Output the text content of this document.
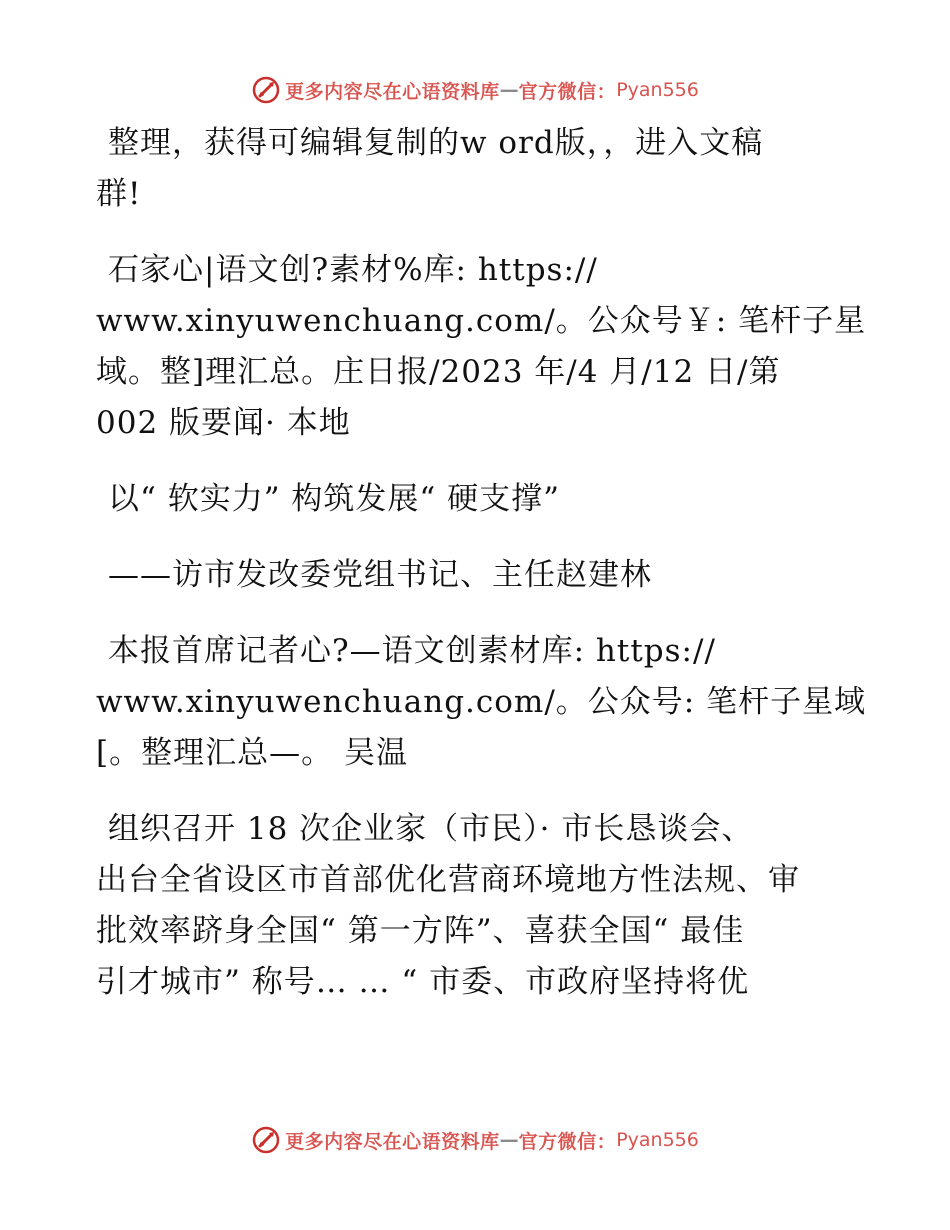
更多内容尽在心语资料库 — 官方微信： Pyan556
整理，获得可编辑复制的w ord版，，进入文稿
群!
石家心|语文创?素材%库: https://
www.xinyuwenchuang.com/。公众号￥: 笔杆子星
域。整]理汇总。庄日报/2023 年/4 月/12 日/第
002 版要闻· 本地
以“ 软实力” 构筑发展“ 硬支撑”
——访市发改委党组书记、主任赵建林
本报首席记者心?—语文创素材库: https://
www.xinyuwenchuang.com/。公众号: 笔杆子星域
[。整理汇总—。 吴温
组织召开 18 次企业家（市民）· 市长恳谈会、
出台全省设区市首部优化营商环境地方性法规、审
批效率跻身全国“ 第一方阵”、喜获全国“ 最佳
引才城市” 称号… … “ 市委、市政府坚持将优
更多内容尽在心语资料库 — 官方微信： Pyan556
